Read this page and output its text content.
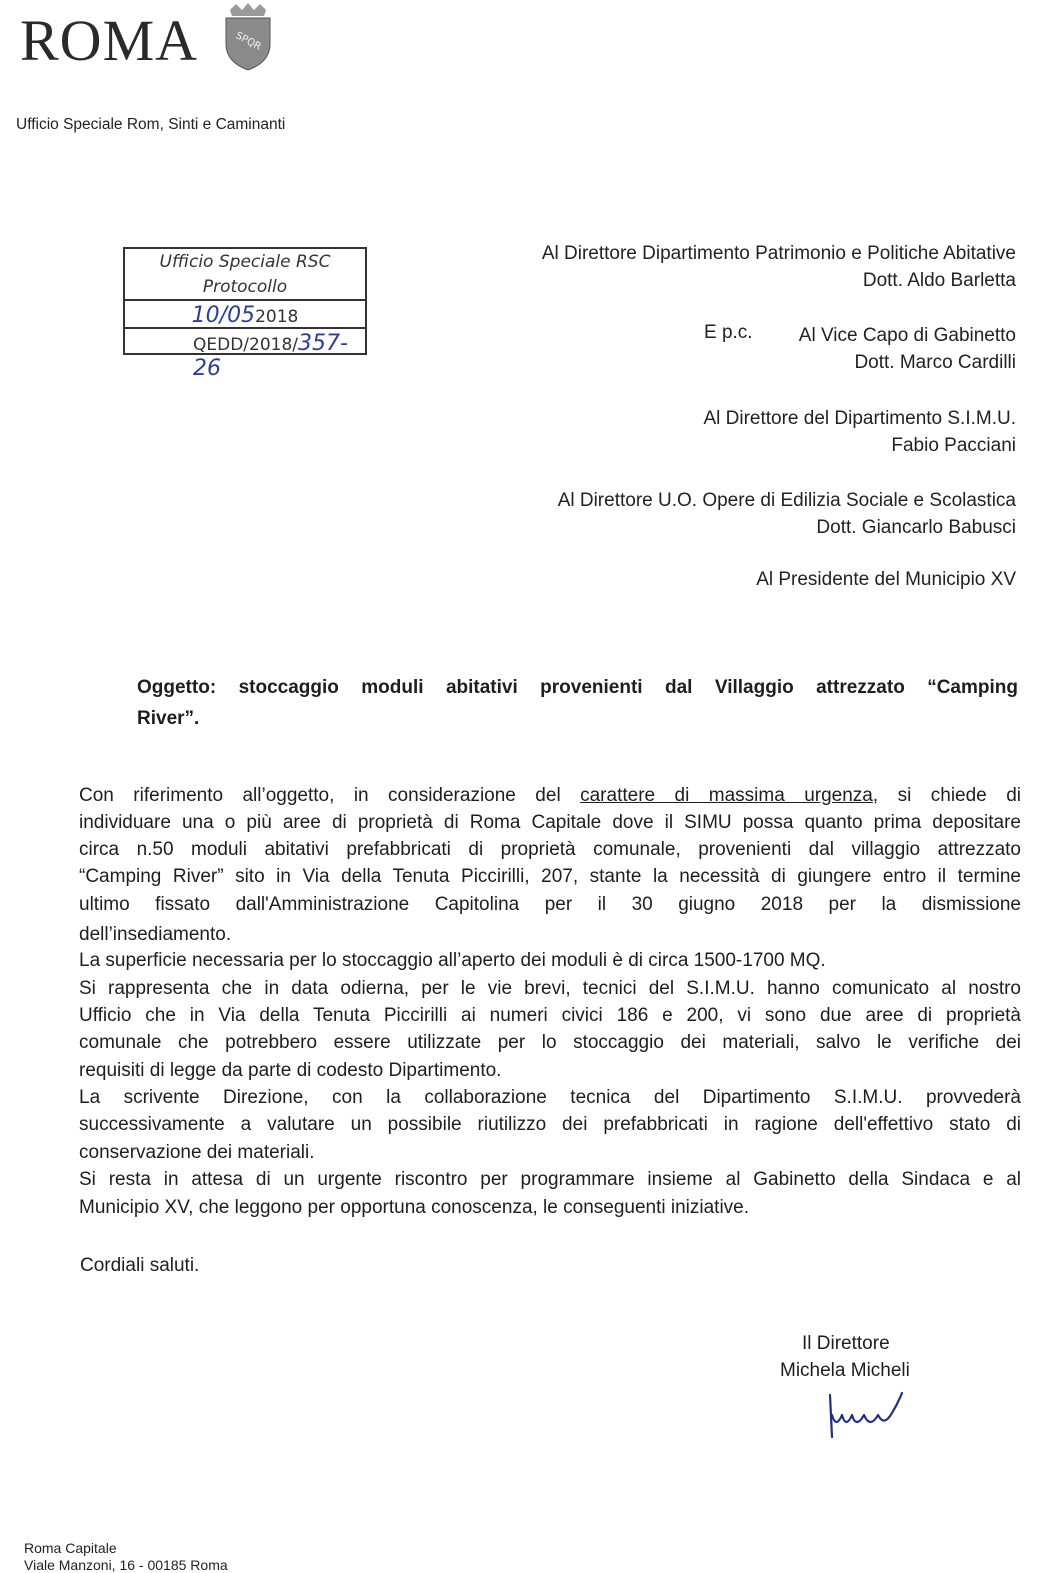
ROMA	SPQR
Ufficio Speciale Rom, Sinti e Caminanti
Ufficio Speciale RSC
Protocollo
10/052018
QEDD/2018/357-26
Al Direttore Dipartimento Patrimonio e Politiche Abitative
Dott. Aldo Barletta
E p.c. Al Vice Capo di Gabinetto
Dott. Marco Cardilli
Al Direttore del Dipartimento S.I.M.U.
Fabio Pacciani
Al Direttore U.O. Opere di Edilizia Sociale e Scolastica
Dott. Giancarlo Babusci
Al Presidente del Municipio XV
Oggetto: stoccaggio moduli abitativi provenienti dal Villaggio attrezzato “Camping
River”.
Con riferimento all’oggetto, in considerazione del carattere di massima urgenza, si chiede di
individuare una o più aree di proprietà di Roma Capitale dove il SIMU possa quanto prima depositare
circa n.50 moduli abitativi prefabbricati di proprietà comunale, provenienti dal villaggio attrezzato
“Camping River” sito in Via della Tenuta Piccirilli, 207, stante la necessità di giungere entro il termine
ultimo fissato dall'Amministrazione Capitolina per il 30 giugno 2018 per la dismissione
dell’insediamento.
La superficie necessaria per lo stoccaggio all’aperto dei moduli è di circa 1500-1700 MQ.
Si rappresenta che in data odierna, per le vie brevi, tecnici del S.I.M.U. hanno comunicato al nostro
Ufficio che in Via della Tenuta Piccirilli ai numeri civici 186 e 200, vi sono due aree di proprietà
comunale che potrebbero essere utilizzate per lo stoccaggio dei materiali, salvo le verifiche dei
requisiti di legge da parte di codesto Dipartimento.
La scrivente Direzione, con la collaborazione tecnica del Dipartimento S.I.M.U. provvederà
successivamente a valutare un possibile riutilizzo dei prefabbricati in ragione dell'effettivo stato di
conservazione dei materiali.
Si resta in attesa di un urgente riscontro per programmare insieme al Gabinetto della Sindaca e al
Municipio XV, che leggono per opportuna conoscenza, le conseguenti iniziative.
Cordiali saluti.
Il Direttore
Michela Micheli
Roma Capitale
Viale Manzoni, 16 - 00185 Roma
